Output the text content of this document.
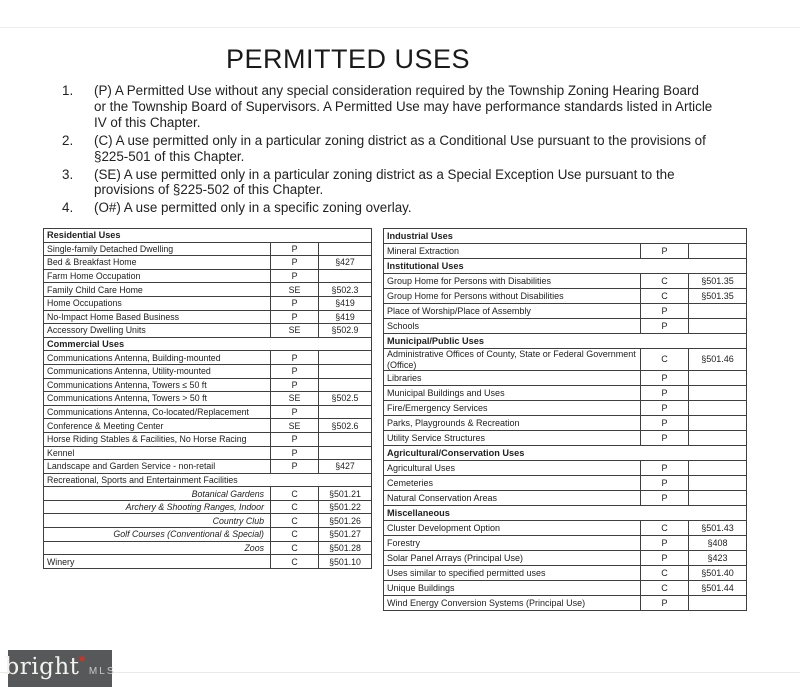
PERMITTED USES
1.	(P) A Permitted Use without any special consideration required by the Township Zoning Hearing Board or the Township Board of Supervisors. A Permitted Use may have performance standards listed in Article IV of this Chapter.
2.	(C) A use permitted only in a particular zoning district as a Conditional Use pursuant to the provisions of §225-501 of this Chapter.
3.	(SE) A use permitted only in a particular zoning district as a Special Exception Use pursuant to the provisions of §225-502 of this Chapter.
4.	(O#) A use permitted only in a specific zoning overlay.
Residential Uses		
Single-family Detached Dwelling	P	
Bed & Breakfast Home	P	§427
Farm Home Occupation	P	
Family Child Care Home	SE	§502.3
Home Occupations	P	§419
No-Impact Home Based Business	P	§419
Accessory Dwelling Units	SE	§502.9
Commercial Uses		
Communications Antenna, Building-mounted	P	
Communications Antenna, Utility-mounted	P	
Communications Antenna, Towers ≤ 50 ft	P	
Communications Antenna, Towers > 50 ft	SE	§502.5
Communications Antenna, Co-located/Replacement	P	
Conference & Meeting Center	SE	§502.6
Horse Riding Stables & Facilities, No Horse Racing	P	
Kennel	P	
Landscape and Garden Service - non-retail	P	§427
Recreational, Sports and Entertainment Facilities		
Botanical Gardens	C	§501.21
Archery & Shooting Ranges, Indoor	C	§501.22
Country Club	C	§501.26
Golf Courses (Conventional & Special)	C	§501.27
Zoos	C	§501.28
Winery	C	§501.10
Industrial Uses		
Mineral Extraction	P	
Institutional Uses		
Group Home for Persons with Disabilities	C	§501.35
Group Home for Persons without Disabilities	C	§501.35
Place of Worship/Place of Assembly	P	
Schools	P	
Municipal/Public Uses		
Administrative Offices of County, State or Federal Government (Office)	C	§501.46
Libraries	P	
Municipal Buildings and Uses	P	
Fire/Emergency Services	P	
Parks, Playgrounds & Recreation	P	
Utility Service Structures	P	
Agricultural/Conservation Uses		
Agricultural Uses	P	
Cemeteries	P	
Natural Conservation Areas	P	
Miscellaneous		
Cluster Development Option	C	§501.43
Forestry	P	§408
Solar Panel Arrays (Principal Use)	P	§423
Uses similar to specified permitted uses	C	§501.40
Unique Buildings	C	§501.44
Wind Energy Conversion Systems (Principal Use)	P	
bright ✱
MLS
